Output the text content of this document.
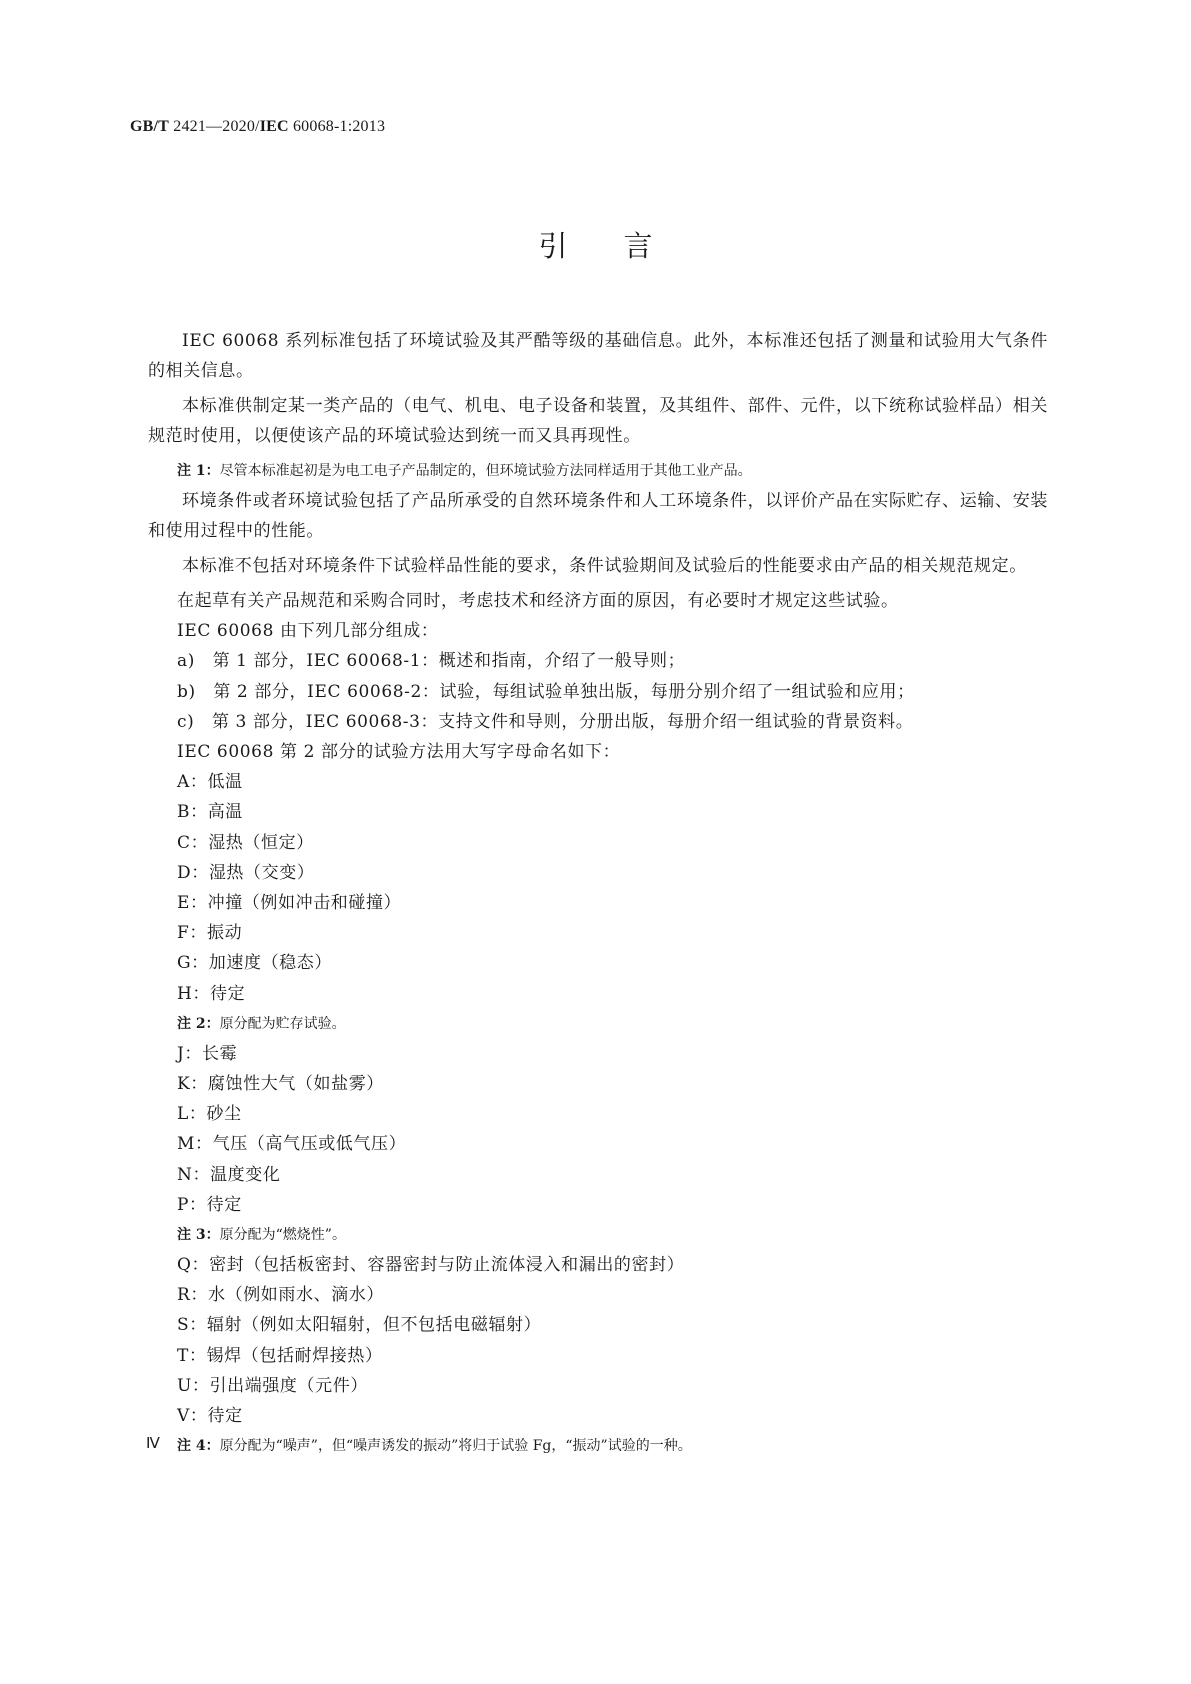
GB/T 2421—2020/IEC 60068-1:2013
引言

IEC 60068 系列标准包括了环境试验及其严酷等级的基础信息。此外，本标准还包括了测量和试验用大气条件的相关信息。

本标准供制定某一类产品的（电气、机电、电子设备和装置，及其组件、部件、元件，以下统称试验样品）相关规范时使用，以便使该产品的环境试验达到统一而又具再现性。

注 1：尽管本标准起初是为电工电子产品制定的，但环境试验方法同样适用于其他工业产品。

环境条件或者环境试验包括了产品所承受的自然环境条件和人工环境条件，以评价产品在实际贮存、运输、安装和使用过程中的性能。

本标准不包括对环境条件下试验样品性能的要求，条件试验期间及试验后的性能要求由产品的相关规范规定。

在起草有关产品规范和采购合同时，考虑技术和经济方面的原因，有必要时才规定这些试验。

IEC 60068 由下列几部分组成：

a)　第 1 部分，IEC 60068-1：概述和指南，介绍了一般导则；

b)　第 2 部分，IEC 60068-2：试验，每组试验单独出版，每册分别介绍了一组试验和应用；

c)　第 3 部分，IEC 60068-3：支持文件和导则，分册出版，每册介绍一组试验的背景资料。

IEC 60068 第 2 部分的试验方法用大写字母命名如下：

A：低温

B：高温

C：湿热（恒定）

D：湿热（交变）

E：冲撞（例如冲击和碰撞）

F：振动

G：加速度（稳态）

H：待定

注 2：原分配为贮存试验。

J：长霉

K：腐蚀性大气（如盐雾）

L：砂尘

M：气压（高气压或低气压）

N：温度变化

P：待定

注 3：原分配为“燃烧性”。

Q：密封（包括板密封、容器密封与防止流体浸入和漏出的密封）

R：水（例如雨水、滴水）

S：辐射（例如太阳辐射，但不包括电磁辐射）

T：锡焊（包括耐焊接热）

U：引出端强度（元件）

V：待定

注 4：原分配为“噪声”，但“噪声诱发的振动”将归于试验 Fg，“振动”试验的一种。

Ⅳ
